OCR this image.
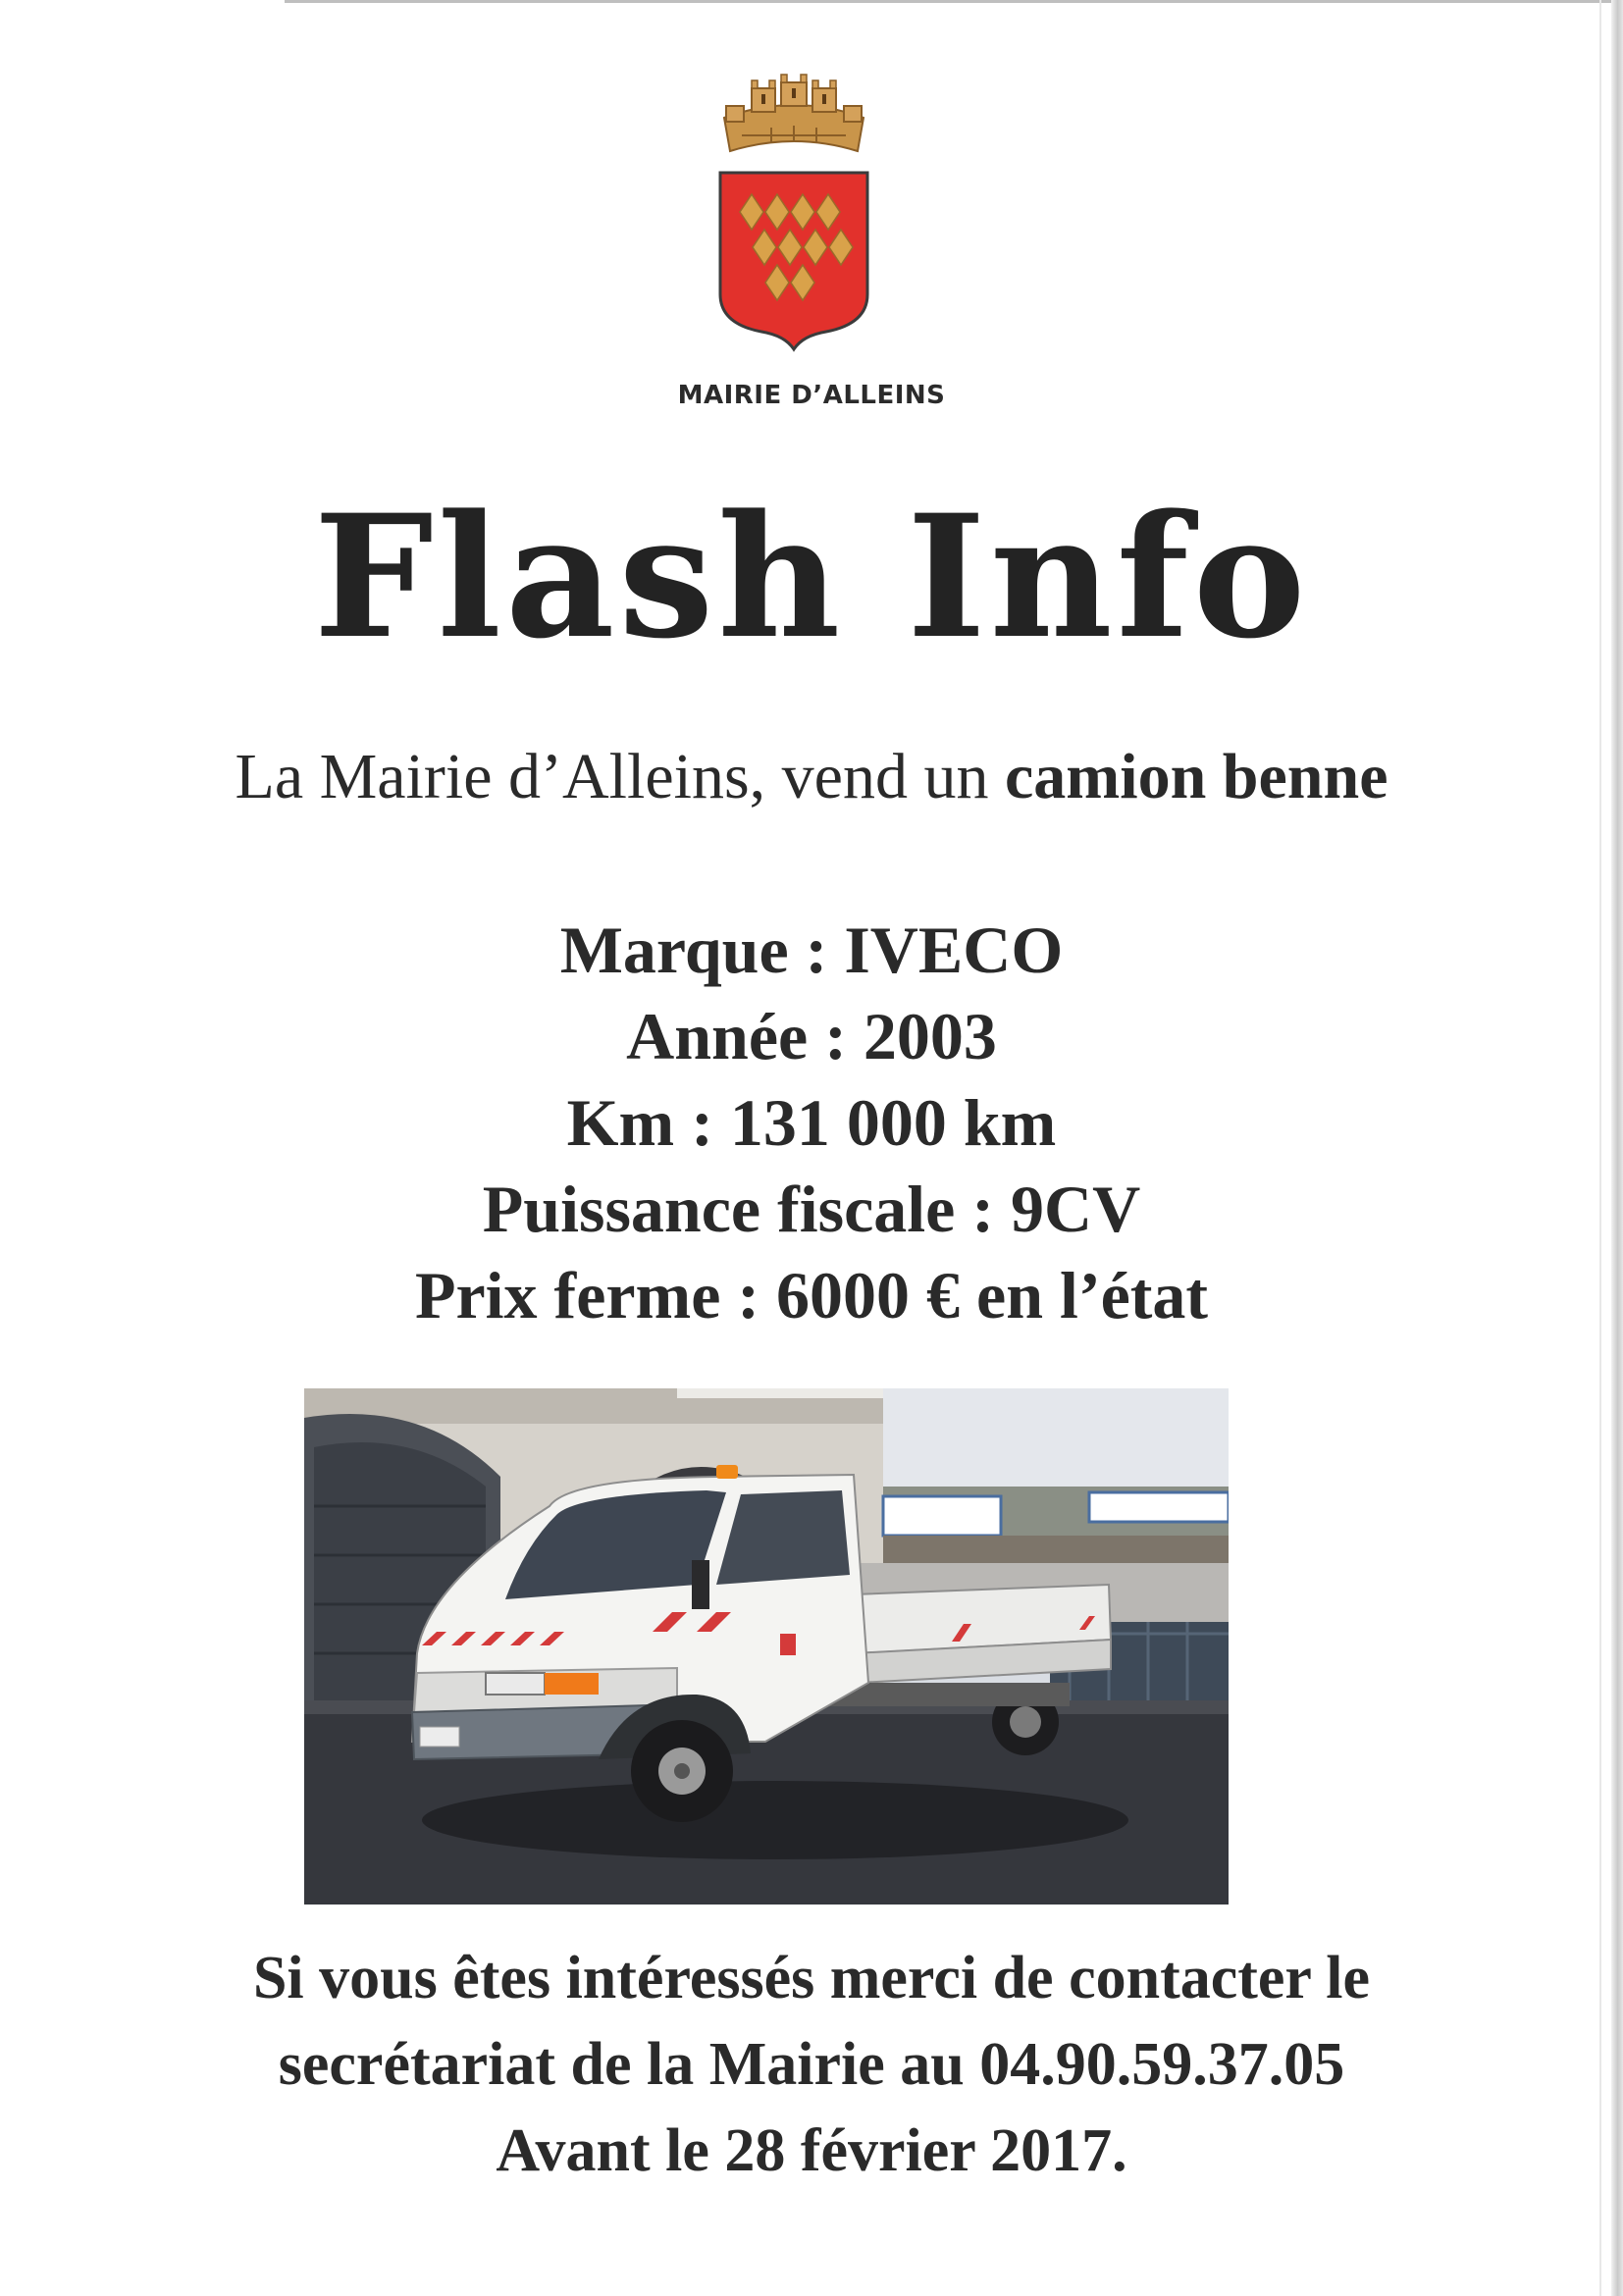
MAIRIE D’ALLEINS
Flash Info
La Mairie d’Alleins, vend un camion benne
Marque : IVECO
Année : 2003
Km : 131 000 km
Puissance fiscale : 9CV
Prix ferme : 6000 € en l’état
Si vous êtes intéressés merci de contacter le
secrétariat de la Mairie au 04.90.59.37.05
Avant le 28 février 2017.
